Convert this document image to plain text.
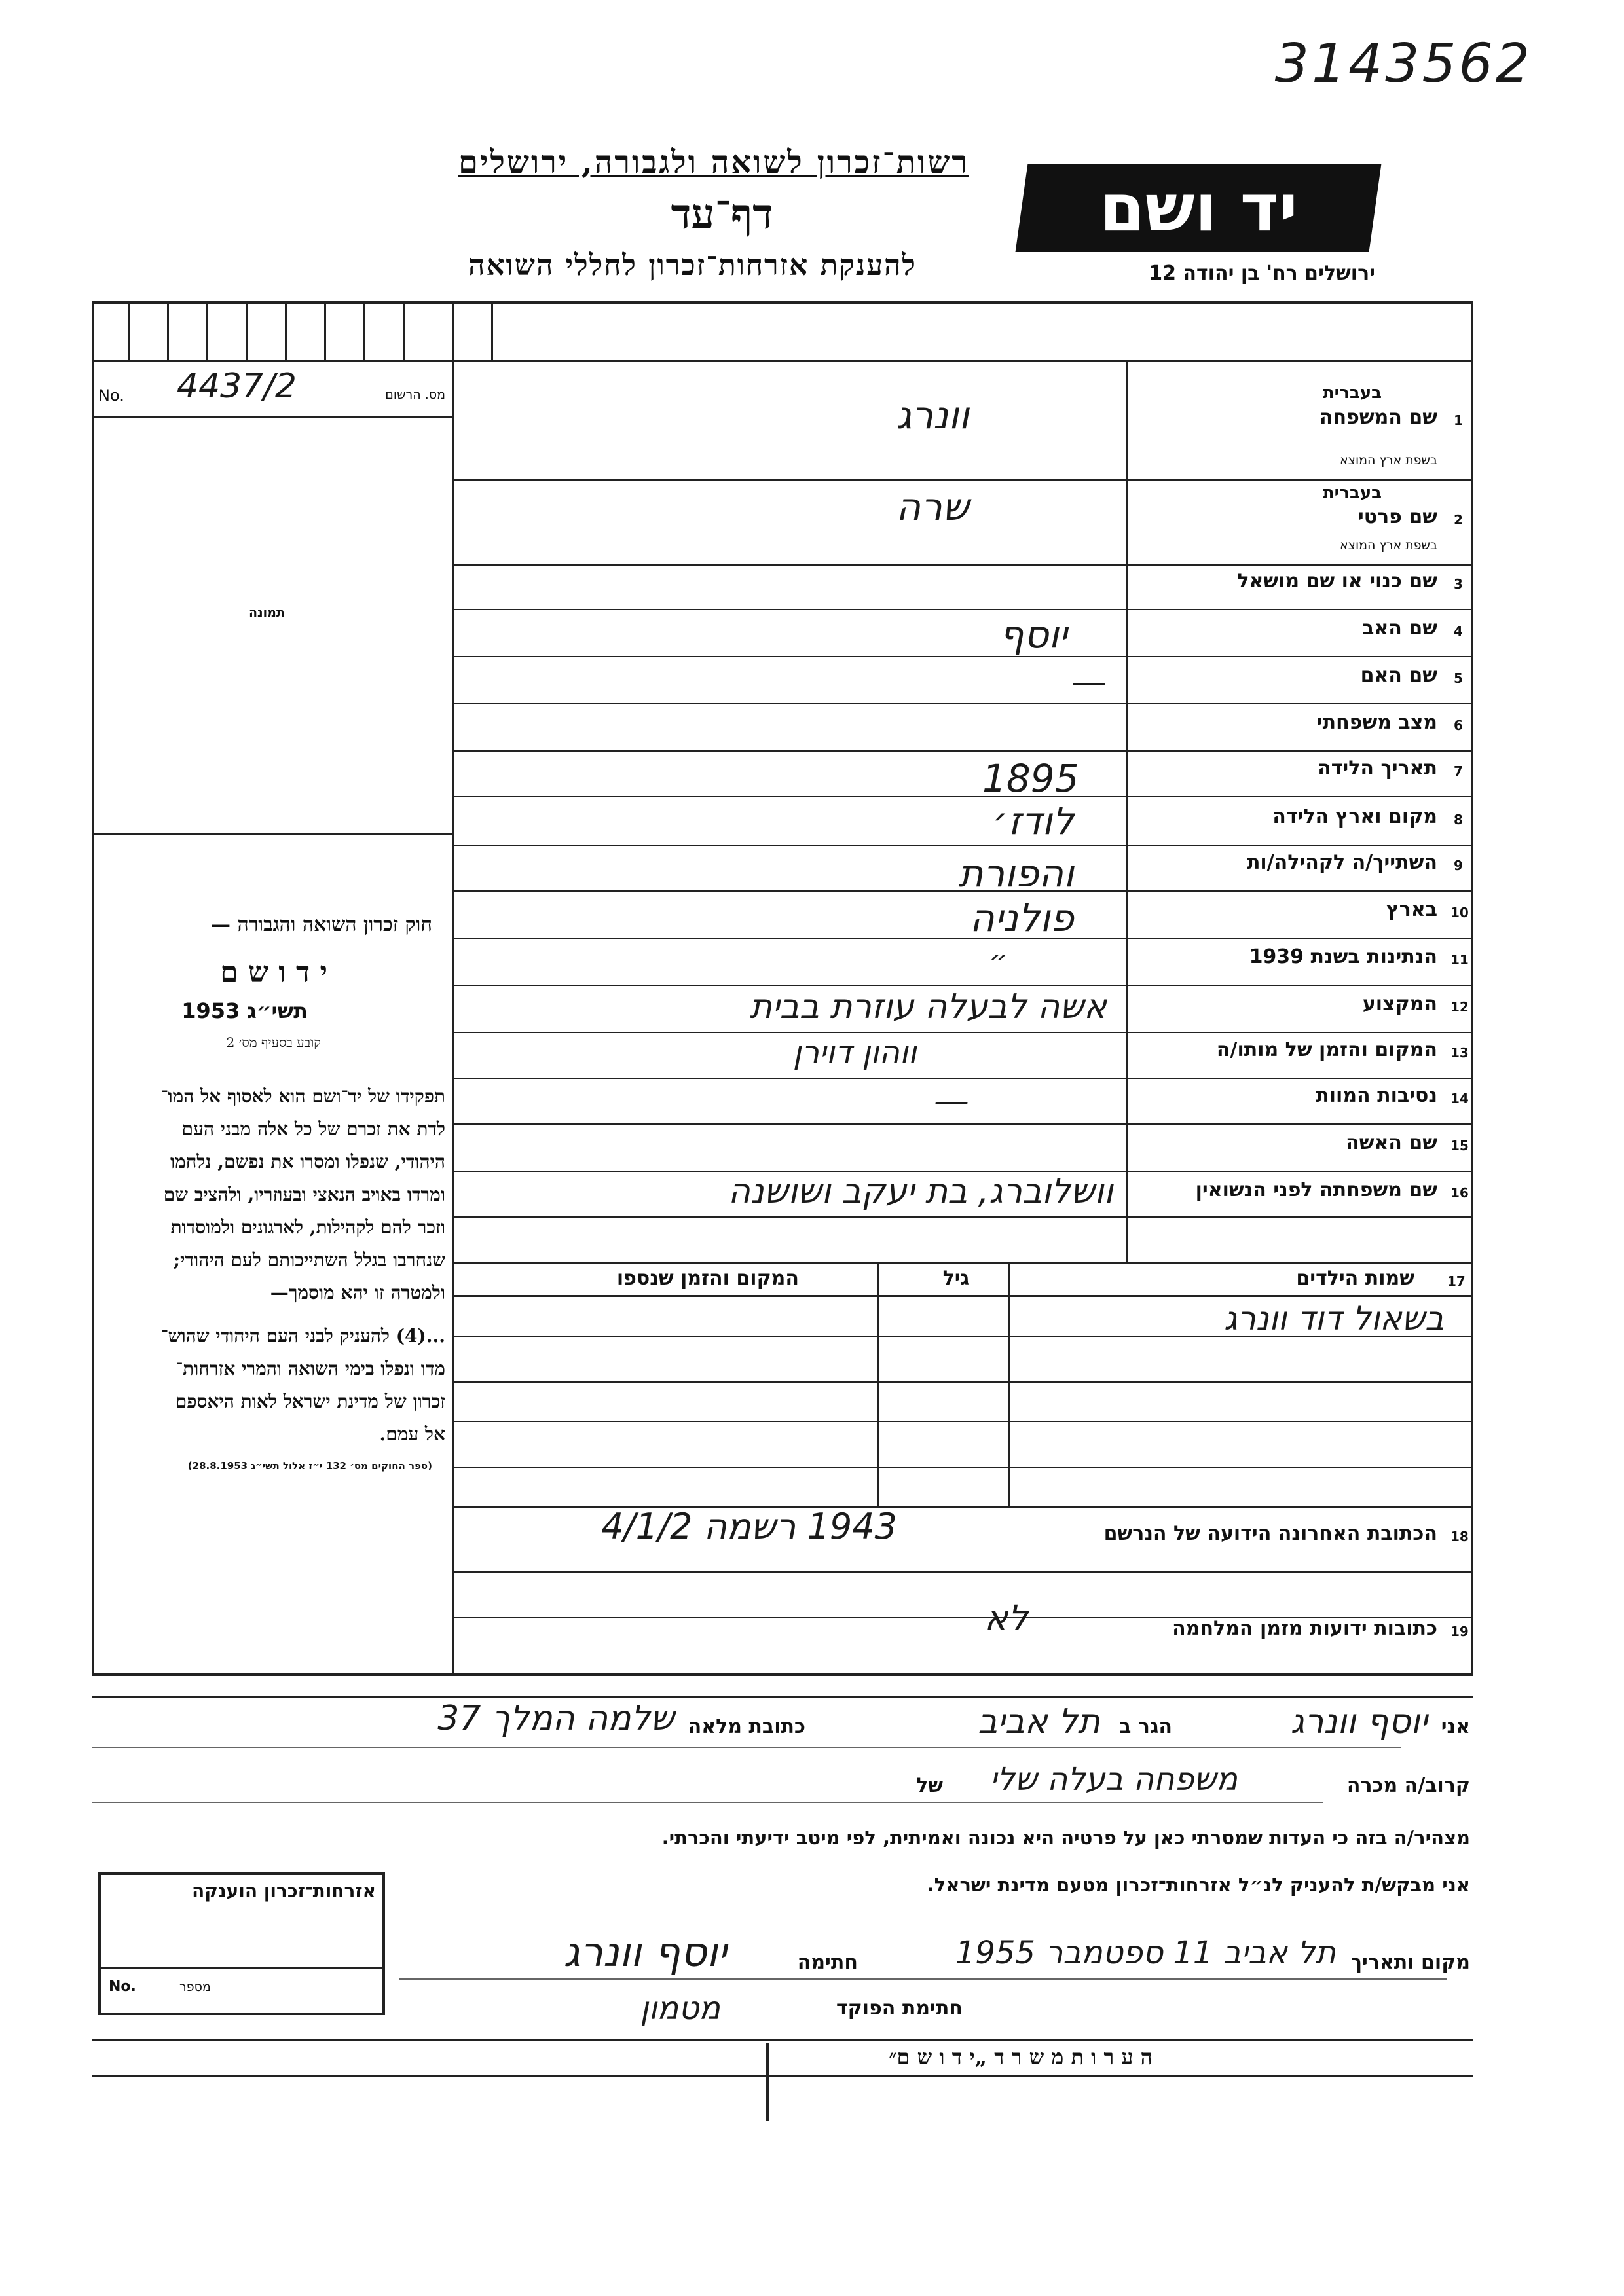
3143562
רשות־זכרון לשואה ולגבורה, ירושלים
דף־עד
להענקת אזרחות־זכרון לחללי השואה
יד ושם
ירושלים רח' בן יהודה 12
No. 4437/2	מס. הרשום
תמונה
חוק זכרון השואה והגבורה —
י ד ו ש ם
תשי״ג 1953
קובע בסעיף מס׳ 2
תפקידו של יד־ושם הוא לאסוף אל המו־
לדת את זכרם של כל אלה מבני העם
היהודי, שנפלו ומסרו את נפשם, נלחמו
ומרדו באויב הנאצי ובעוזריו, ולהציב שם
וזכר להם לקהילות, לארגונים ולמוסדות
שנחרבו בגלל השתייכותם לעם היהודי;
ולמטרה זו יהא מוסמך—
...(4) להעניק לבני העם היהודי שהוש־
מדו ונפלו בימי השואה והמרי אזרחות־
זכרון של מדינת ישראל לאות היאספם
אל עמם.
(ספר החוקים מס׳ 132 י״ז אלול תשי״ג 28.8.1953)
1
שם המשפחה
בעברית
בשפת ארץ המוצא
וונרג
2
שם פרטי
בעברית
בשפת ארץ המוצא
שרה
3
שם כנוי או שם מושאל
4
שם האב
יוסף
5
שם האם
—
6
מצב משפחתי
7
תאריך הלידה
1895
8
מקום וארץ הלידה
לודז׳
9
השתייך/ה לקהילה/ות
והפורת
10
בארץ
פולניה
11
הנתינות בשנת 1939
״
12
המקצוע
אשה לבעלה עוזרת בבית
13
המקום והזמן של מותו/ה
ווהון דוירן
14
נסיבות המוות
—
15
שם האשה
16
שם משפחתה לפני הנשואין
וושלוברג, בת יעקב ושושנה
17
שמות הילדים
גיל
המקום והזמן שנספו
בשאול דוד וונרג
18
הכתובת האחרונה הידועה של הנרשם
1943 רשמה 4/1/2
19
כתובות ידועות מזמן המלחמה
לא
אני
יוסף וונרג
הגר ב
תל אביב
כתובת מלאה
שלמה המלך 37
קרוב/ה מכרה
משפחה בעלה שלי
של
מצהיר/ה בזה כי העדות שמסרתי כאן על פרטיה היא נכונה ואמיתית, לפי מיטב ידיעתי והכרתי.
אני מבקש/ת להעניק לנ״ל אזרחות־זכרון מטעם מדינת ישראל.
אזרחות־זכרון הוענקה
No.	מספר
מקום ותאריך
תל אביב 11 ספטמבר 1955
חתימה
יוסף וונרג
חתימת הפוקד
מטמון
ה ע ר ו ת מ ש ר ד „י ד ו ש ם״
